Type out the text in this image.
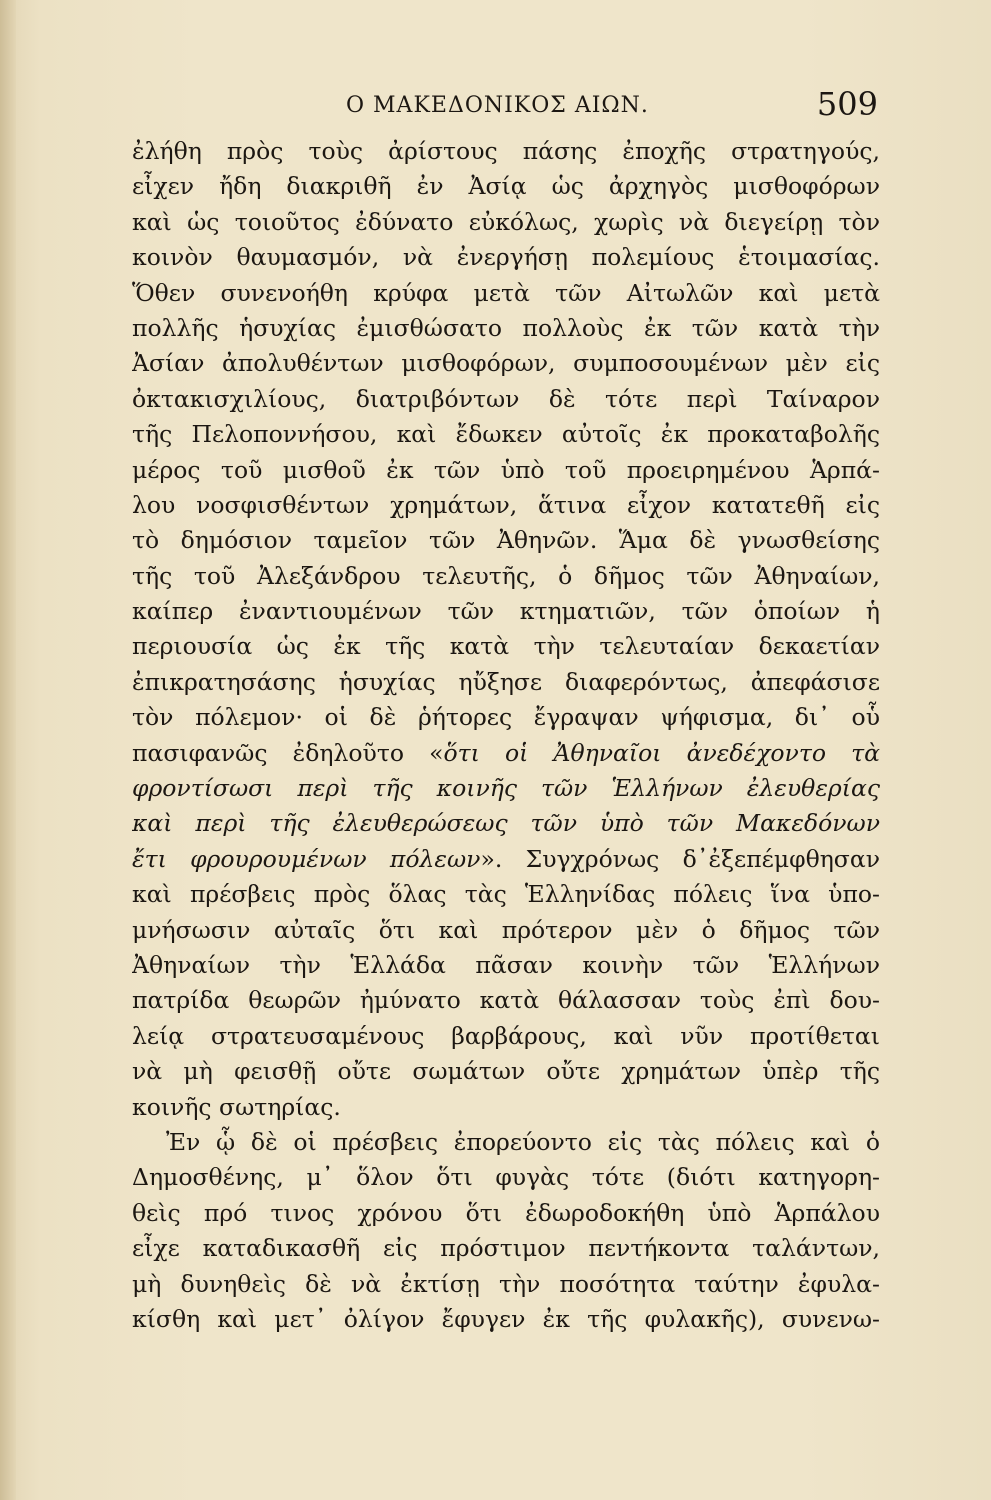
Ο ΜΑΚΕΔΟΝΙΚΟΣ ΑΙΩΝ.	509
ἐλήθη πρὸς τοὺς ἀρίστους πάσης ἐποχῆς στρατηγούς,
εἶχεν ἤδη διακριθῆ ἐν Ἀσίᾳ ὡς ἀρχηγὸς μισθοφόρων
καὶ ὡς τοιοῦτος ἐδύνατο εὐκόλως, χωρὶς νὰ διεγείρῃ τὸν
κοινὸν θαυμασμόν, νὰ ἐνεργήσῃ πολεμίους ἑτοιμασίας.
Ὅθεν συνενοήθη κρύφα μετὰ τῶν Αἰτωλῶν καὶ μετὰ
πολλῆς ἡσυχίας ἐμισθώσατο πολλοὺς ἐκ τῶν κατὰ τὴν
Ἀσίαν ἀπολυθέντων μισθοφόρων, συμποσουμένων μὲν εἰς
ὀκτακισχιλίους, διατριβόντων δὲ τότε περὶ Ταίναρον
τῆς Πελοποννήσου, καὶ ἔδωκεν αὐτοῖς ἐκ προκαταβολῆς
μέρος τοῦ μισθοῦ ἐκ τῶν ὑπὸ τοῦ προειρημένου Ἁρπά-
λου νοσφισθέντων χρημάτων, ἅτινα εἶχον κατατεθῆ εἰς
τὸ δημόσιον ταμεῖον τῶν Ἀθηνῶν. Ἅμα δὲ γνωσθείσης
τῆς τοῦ Ἀλεξάνδρου τελευτῆς, ὁ δῆμος τῶν Ἀθηναίων,
καίπερ ἐναντιουμένων τῶν κτηματιῶν, τῶν ὁποίων ἡ
περιουσία ὡς ἐκ τῆς κατὰ τὴν τελευταίαν δεκαετίαν
ἐπικρατησάσης ἡσυχίας ηὔξησε διαφερόντως, ἀπεφάσισε
τὸν πόλεμον· οἱ δὲ ῥήτορες ἔγραψαν ψήφισμα, δι᾽ οὗ
πασιφανῶς ἐδηλοῦτο «ὅτι οἱ Ἀθηναῖοι ἀνεδέχοντο τὰ
φροντίσωσι περὶ τῆς κοινῆς τῶν Ἑλλήνων ἐλευθερίας
καὶ περὶ τῆς ἐλευθερώσεως τῶν ὑπὸ τῶν Μακεδόνων
ἔτι φρουρουμένων πόλεων». Συγχρόνως δ᾽ἐξεπέμφθησαν
καὶ πρέσβεις πρὸς ὅλας τὰς Ἑλληνίδας πόλεις ἵνα ὑπο-
μνήσωσιν αὐταῖς ὅτι καὶ πρότερον μὲν ὁ δῆμος τῶν
Ἀθηναίων τὴν Ἑλλάδα πᾶσαν κοινὴν τῶν Ἑλλήνων
πατρίδα θεωρῶν ἠμύνατο κατὰ θάλασσαν τοὺς ἐπὶ δου-
λείᾳ στρατευσαμένους βαρβάρους, καὶ νῦν προτίθεται
νὰ μὴ φεισθῇ οὔτε σωμάτων οὔτε χρημάτων ὑπὲρ τῆς
κοινῆς σωτηρίας.
Ἐν ᾧ δὲ οἱ πρέσβεις ἐπορεύοντο εἰς τὰς πόλεις καὶ ὁ
Δημοσθένης, μ᾽ ὅλον ὅτι φυγὰς τότε (διότι κατηγορη-
θεὶς πρό τινος χρόνου ὅτι ἐδωροδοκήθη ὑπὸ Ἁρπάλου
εἶχε καταδικασθῆ εἰς πρόστιμον πεντήκοντα ταλάντων,
μὴ δυνηθεὶς δὲ νὰ ἐκτίσῃ τὴν ποσότητα ταύτην ἐφυλα-
κίσθη καὶ μετ᾽ ὀλίγον ἔφυγεν ἐκ τῆς φυλακῆς), συνενω-
